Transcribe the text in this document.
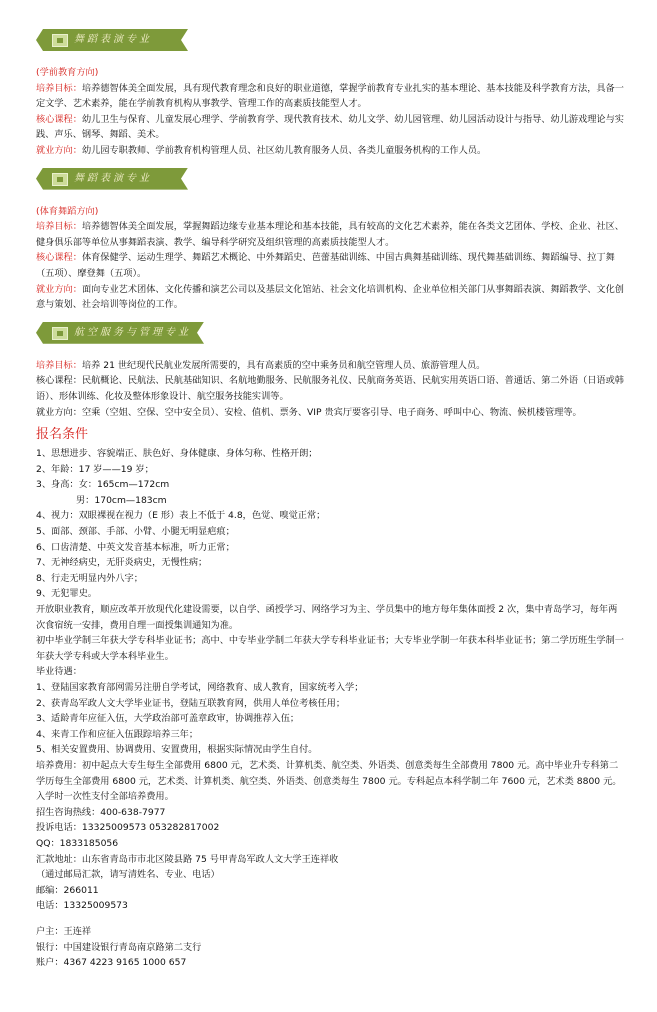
舞蹈表演专业

(学前教育方向)

培养目标：培养德智体美全面发展，具有现代教育理念和良好的职业道德，掌握学前教育专业扎实的基本理论、基本技能及科学教育方法，具备一定文学、艺术素养，能在学前教育机构从事教学、管理工作的高素质技能型人才。

核心课程：幼儿卫生与保育、儿童发展心理学、学前教育学、现代教育技术、幼儿文学、幼儿园管理、幼儿园活动设计与指导、幼儿游戏理论与实践、声乐、钢琴、舞蹈、美术。

就业方向：幼儿园专职教师、学前教育机构管理人员、社区幼儿教育服务人员、各类儿童服务机构的工作人员。

舞蹈表演专业

(体育舞蹈方向)

培养目标：培养德智体美全面发展，掌握舞蹈边缘专业基本理论和基本技能，具有较高的文化艺术素养，能在各类文艺团体、学校、企业、社区、健身俱乐部等单位从事舞蹈表演、教学、编导科学研究及组织管理的高素质技能型人才。

核心课程：体育保健学、运动生理学、舞蹈艺术概论、中外舞蹈史、芭蕾基础训练、中国古典舞基础训练、现代舞基础训练、舞蹈编导、拉丁舞（五项）、摩登舞（五项）。

就业方向：面向专业艺术团体、文化传播和演艺公司以及基层文化馆站、社会文化培训机构、企业单位相关部门从事舞蹈表演、舞蹈教学、文化创意与策划、社会培训等岗位的工作。

航空服务与管理专业

培养目标：培养 21 世纪现代民航业发展所需要的，具有高素质的空中乘务员和航空管理人员、旅游管理人员。

核心课程：民航概论、民航法、民航基础知识、名航地勤服务、民航服务礼仪、民航商务英语、民航实用英语口语、普通话、第二外语（日语或韩语）、形体训练、化妆及整体形象设计、航空服务技能实训等。

就业方向：空乘（空姐、空保、空中安全员）、安检、值机、票务、VIP 贵宾厅要客引导、电子商务、呼叫中心、物流、候机楼管理等。

报名条件

1、思想进步、容貌端正、肤色好、身体健康、身体匀称、性格开朗；

2、年龄：17 岁——19 岁；

3、身高：女：165cm—172cm

男：170cm—183cm

4、视力：双眼裸视在视力（E 形）表上不低于 4.8，色觉、嗅觉正常；

5、面部、颈部、手部、小臂、小腿无明显疤痕；

6、口齿清楚、中英文发音基本标准，听力正常；

7、无神经病史，无肝炎病史，无慢性病；

8、行走无明显内外八字；

9、无犯罪史。

开放职业教育，顺应改革开放现代化建设需要，以自学、函授学习、网络学习为主、学员集中的地方每年集体面授 2 次，集中青岛学习，每年两次食宿统一安排，费用自理一面授集训通知为准。

初中毕业学制三年获大学专科毕业证书；高中、中专毕业学制二年获大学专科毕业证书；大专毕业学制一年获本科毕业证书；第二学历班生学制一年获大学专科或大学本科毕业生。

毕业待遇：

1、登陆国家教育部网需另注册自学考试，网络教育、成人教育，国家统考入学；

2、获青岛军政人文大学毕业证书，登陆互联教育网，供用人单位考核任用；

3、适龄青年应征入伍，大学政治部可盖章政审，协调推荐入伍；

4、来青工作和应征入伍跟踪培养三年；

5、相关安置费用、协调费用、安置费用，根据实际情况由学生自付。

培养费用：初中起点大专生每生全部费用 6800 元，艺术类、计算机类、航空类、外语类、创意类每生全部费用 7800 元。高中毕业升专科第二学历每生全部费用 6800 元，艺术类、计算机类、航空类、外语类、创意类每生 7800 元。专科起点本科学制二年 7600 元，艺术类 8800 元。

入学时一次性支付全部培养费用。

招生咨询热线：400-638-7977

投诉电话：13325009573 053282817002

QQ：1833185056

汇款地址：山东省青岛市市北区陵县路 75 号甲青岛军政人文大学王连祥收

（通过邮局汇款，请写清姓名、专业、电话）

邮编：266011

电话：13325009573

户主：王连祥

银行：中国建设银行青岛南京路第二支行

账户：4367 4223 9165 1000 657
